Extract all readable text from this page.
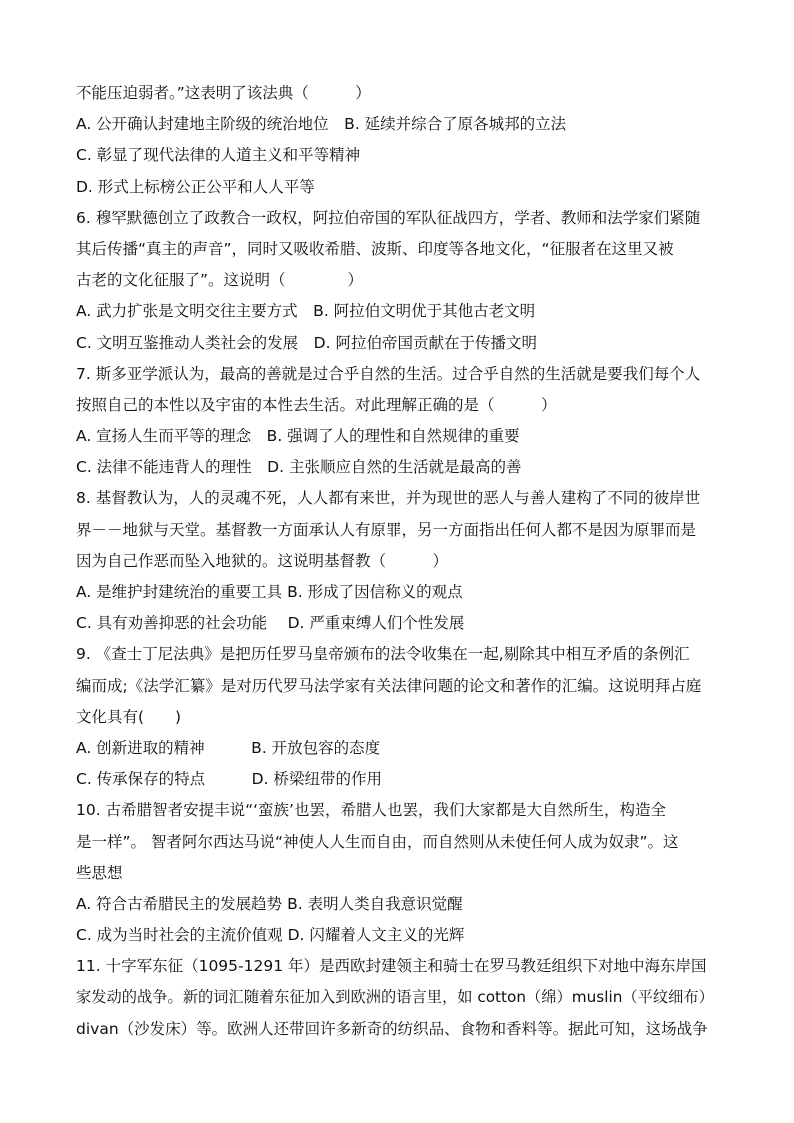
不能压迫弱者。”这表明了该法典（　　　）
A. 公开确认封建地主阶级的统治地位　B. 延续并综合了原各城邦的立法
C. 彰显了现代法律的人道主义和平等精神
D. 形式上标榜公正公平和人人平等
6. 穆罕默德创立了政教合一政权，阿拉伯帝国的军队征战四方，学者、教师和法学家们紧随
其后传播“真主的声音”，同时又吸收希腊、波斯、印度等各地文化，“征服者在这里又被
古老的文化征服了”。这说明（　　　　）
A. 武力扩张是文明交往主要方式　B. 阿拉伯文明优于其他古老文明
C. 文明互鉴推动人类社会的发展　D. 阿拉伯帝国贡献在于传播文明
7. 斯多亚学派认为，最高的善就是过合乎自然的生活。过合乎自然的生活就是要我们每个人
按照自己的本性以及宇宙的本性去生活。对此理解正确的是（　　　）
A. 宣扬人生而平等的理念　B. 强调了人的理性和自然规律的重要
C. 法律不能违背人的理性　D. 主张顺应自然的生活就是最高的善
8. 基督教认为，人的灵魂不死，人人都有来世，并为现世的恶人与善人建构了不同的彼岸世
界－－地狱与天堂。基督教一方面承认人有原罪，另一方面指出任何人都不是因为原罪而是
因为自己作恶而坠入地狱的。这说明基督教（　　　）
A. 是维护封建统治的重要工具 B. 形成了因信称义的观点
C. 具有劝善抑恶的社会功能　 D. 严重束缚人们个性发展
9. 《查士丁尼法典》是把历任罗马皇帝颁布的法令收集在一起,剔除其中相互矛盾的条例汇
编而成;《法学汇纂》是对历代罗马法学家有关法律问题的论文和著作的汇编。这说明拜占庭
文化具有(　　)
A. 创新进取的精神　　　B. 开放包容的态度
C. 传承保存的特点　　　D. 桥梁纽带的作用
10. 古希腊智者安提丰说“‘蛮族’也罢，希腊人也罢，我们大家都是大自然所生，构造全
是一样”。 智者阿尔西达马说“神使人人生而自由，而自然则从未使任何人成为奴隶”。这
些思想
A. 符合古希腊民主的发展趋势 B. 表明人类自我意识觉醒
C. 成为当时社会的主流价值观 D. 闪耀着人文主义的光辉
11. 十字军东征（1095-1291 年）是西欧封建领主和骑士在罗马教廷组织下对地中海东岸国
家发动的战争。新的词汇随着东征加入到欧洲的语言里，如 cotton（绵）muslin（平纹细布）
divan（沙发床）等。欧洲人还带回许多新奇的纺织品、食物和香料等。据此可知，这场战争
